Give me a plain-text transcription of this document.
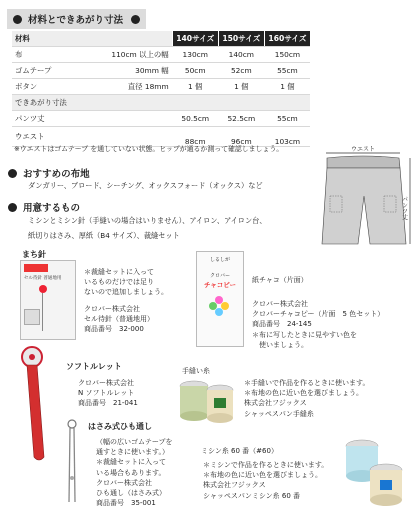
材料とできあがり寸法
材料		140サイズ	150サイズ	160サイズ
布	110cm 以上の幅	130cm	140cm	150cm
ゴムテープ	30mm 幅	50cm	52cm	55cm
ボタン	直径 18mm	1 個	1 個	1 個
できあがり寸法				
パンツ丈		50.5cm	52.5cm	55cm
ウエスト		88cm	96cm	103cm
※ウエストはゴムテープ を通していない状態。ヒップが通るか測って確認しましょう。	ウエスト
パンツ丈
おすすめの布地
ダンガリー、ブロード、シーチング、オックスフォード（オックス）など
用意するもの
ミシンとミシン針（手縫いの場合はいりません）、アイロン、アイロン台、
紙切りはさみ、厚紙（B4 サイズ）、裁縫セット
まち針
セル待針 普通地用
＊裁縫セットに入って
いるものだけでは足り
ないので追加しましょう。
クロバー株式会社
セル待針（普通地用）
商品番号　32-000
しるしが
クロバー
チャコピー
紙チャコ（片面）
クロバー株式会社
クロバーチャコピー（片面　5 色セット）
商品番号　24-145
＊布に写したときに見やすい色を
　使いましょう。
ソフトルレット
クロバー株式会社
N ソフトルレット
商品番号　21-041
手縫い糸
＊手縫いで作品を作るときに使います。
＊布地の色に近い色を選びましょう。
株式会社フジックス
シャッペスパン手縫糸
はさみ式ひも通し
（幅の広いゴムテープを
通すときに使います。）
＊裁縫セットに入って
いる場合もあります。
クロバー株式会社
ひも通し（はさみ式）
商品番号　35-001
ミシン糸 60 番（#60）
＊ミシンで作品を作るときに使います。
＊布地の色に近い色を選びましょう。
株式会社フジックス
シャッペスパンミシン糸 60 番
